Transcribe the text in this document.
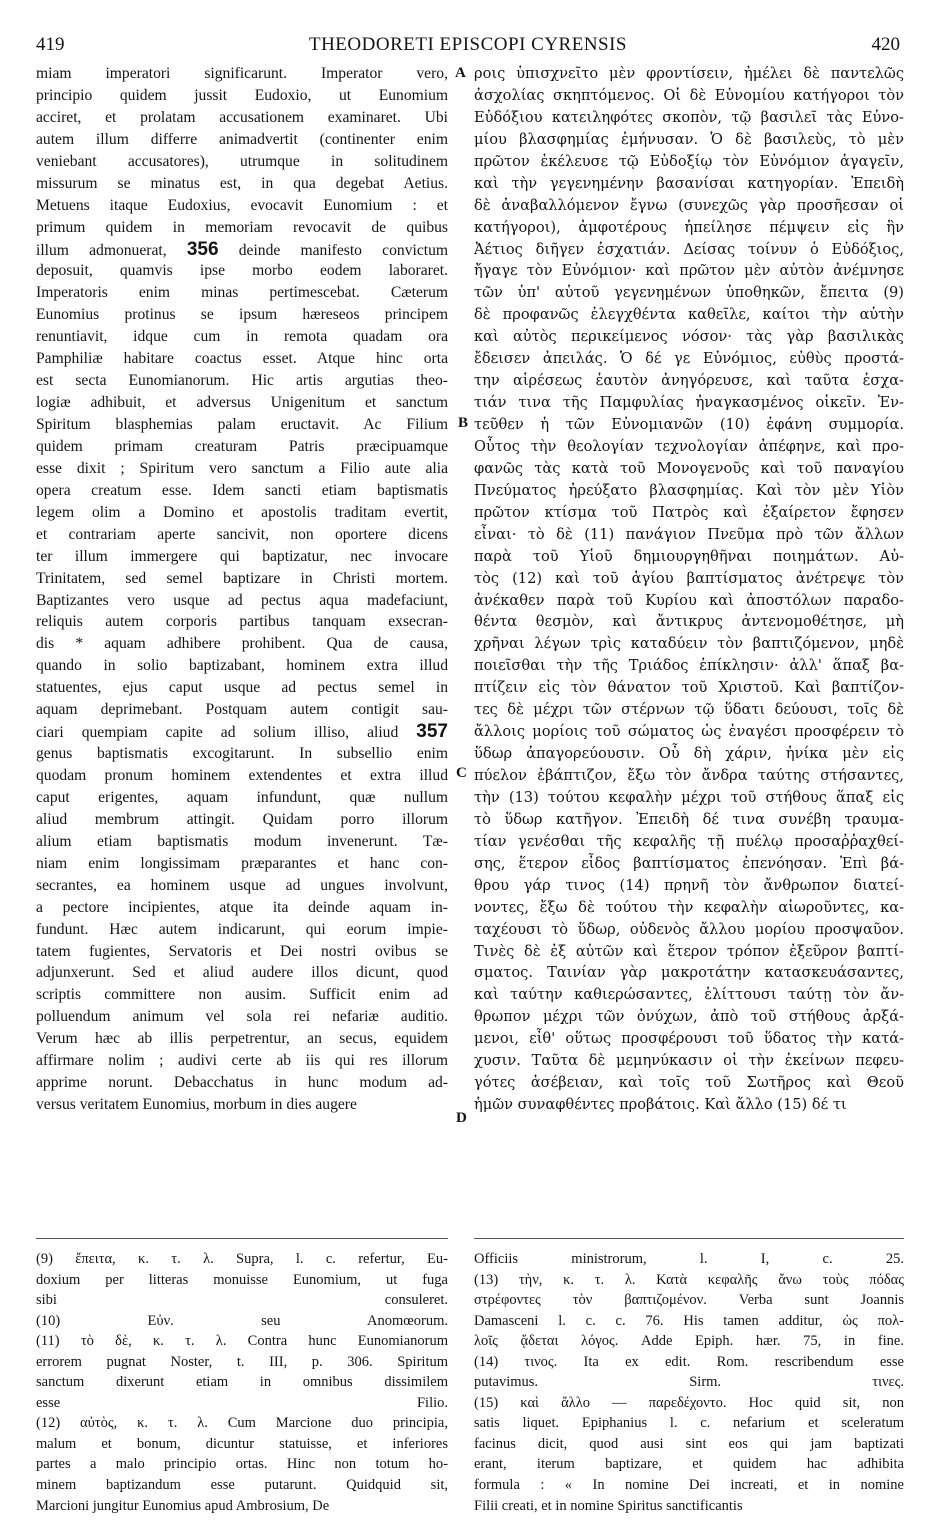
419	THEODORETI EPISCOPI CYRENSIS	420
miam imperatori significarunt. Imperator vero,
principio quidem jussit Eudoxio, ut Eunomium
acciret, et prolatam accusationem examinaret. Ubi
autem illum differre animadvertit (continenter enim
veniebant accusatores), utrumque in solitudinem
missurum se minatus est, in qua degebat Aetius.
Metuens itaque Eudoxius, evocavit Eunomium : et
primum quidem in memoriam revocavit de quibus
illum admonuerat, 356 deinde manifesto convictum
deposuit, quamvis ipse morbo eodem laboraret.
Imperatoris enim minas pertimescebat. Cæterum
Eunomius protinus se ipsum hæreseos principem
renuntiavit, idque cum in remota quadam ora
Pamphiliæ habitare coactus esset. Atque hinc orta
est secta Eunomianorum. Hic artis argutias theo-
logiæ adhibuit, et adversus Unigenitum et sanctum
Spiritum blasphemias palam eructavit. Ac Filium
quidem primam creaturam Patris præcipuamque
esse dixit ; Spiritum vero sanctum a Filio aute alia
opera creatum esse. Idem sancti etiam baptismatis
legem olim a Domino et apostolis traditam evertit,
et contrariam aperte sancivit, non oportere dicens
ter illum immergere qui baptizatur, nec invocare
Trinitatem, sed semel baptizare in Christi mortem.
Baptizantes vero usque ad pectus aqua madefaciunt,
reliquis autem corporis partibus tanquam exsecran-
dis * aquam adhibere prohibent. Qua de causa,
quando in solio baptizabant, hominem extra illud
statuentes, ejus caput usque ad pectus semel in
aquam deprimebant. Postquam autem contigit sau-
ciari quempiam capite ad solium illiso, aliud 357
genus baptismatis excogitarunt. In subsellio enim
quodam pronum hominem extendentes et extra illud
caput erigentes, aquam infundunt, quæ nullum
aliud membrum attingit. Quidam porro illorum
alium etiam baptismatis modum invenerunt. Tæ-
niam enim longissimam præparantes et hanc con-
secrantes, ea hominem usque ad ungues involvunt,
a pectore incipientes, atque ita deinde aquam in-
fundunt. Hæc autem indicarunt, qui eorum impie-
tatem fugientes, Servatoris et Dei nostri ovibus se
adjunxerunt. Sed et aliud audere illos dicunt, quod
scriptis committere non ausim. Sufficit enim ad
polluendum animum vel sola rei nefariæ auditio.
Verum hæc ab illis perpetrentur, an secus, equidem
affirmare nolim ; audivi certe ab iis qui res illorum
apprime norunt. Debacchatus in hunc modum ad-
versus veritatem Eunomius, morbum in dies augere
ροις ὑπισχνεῖτο μὲν φροντίσειν, ἠμέλει δὲ παντελῶς
ἀσχολίας σκηπτόμενος. Οἱ δὲ Εὐνομίου κατήγοροι τὸν
Εὐδόξιου κατειληφότες σκοπὸν, τῷ βασιλεῖ τὰς Εὐνο-
μίου βλασφημίας ἐμήνυσαν. Ὁ δὲ βασιλεὺς, τὸ μὲν
πρῶτον ἐκέλευσε τῷ Εὐδοξίῳ τὸν Εὐνόμιον ἀγαγεῖν,
καὶ τὴν γεγενημένην βασανίσαι κατηγορίαν. Ἐπειδὴ
δὲ ἀναβαλλόμενον ἔγνω (συνεχῶς γὰρ προσῆεσαν οἱ
κατήγοροι), ἀμφοτέρους ἠπείλησε πέμψειν εἰς ἣν
Ἀέτιος διῆγεν ἐσχατιάν. Δείσας τοίνυν ὁ Εὐδόξιος,
ἤγαγε τὸν Εὐνόμιον· καὶ πρῶτον μὲν αὐτὸν ἀνέμνησε
τῶν ὑπ' αὐτοῦ γεγενημένων ὑποθηκῶν, ἔπειτα (9)
δὲ προφανῶς ἐλεγχθέντα καθεῖλε, καίτοι τὴν αὐτὴν
καὶ αὐτὸς περικείμενος νόσον· τὰς γὰρ βασιλικὰς
ἔδεισεν ἀπειλάς. Ὁ δέ γε Εὐνόμιος, εὐθὺς προστά-
την αἱρέσεως ἑαυτὸν ἀνηγόρευσε, καὶ ταῦτα ἐσχα-
τιάν τινα τῆς Παμφυλίας ἠναγκασμένος οἰκεῖν. Ἐν-
τεῦθεν ἡ τῶν Εὐνομιανῶν (10) ἐφάνη συμμορία.
Οὗτος τὴν θεολογίαν τεχνολογίαν ἀπέφηνε, καὶ προ-
φανῶς τὰς κατὰ τοῦ Μονογενοῦς καὶ τοῦ παναγίου
Πνεύματος ἠρεύξατο βλασφημίας. Καὶ τὸν μὲν Υἱὸν
πρῶτον κτίσμα τοῦ Πατρὸς καὶ ἐξαίρετον ἔφησεν
εἶναι· τὸ δὲ (11) πανάγιον Πνεῦμα πρὸ τῶν ἄλλων
παρὰ τοῦ Υἱοῦ δημιουργηθῆναι ποιημάτων. Αὐ-
τὸς (12) καὶ τοῦ ἁγίου βαπτίσματος ἀνέτρεψε τὸν
ἀνέκαθεν παρὰ τοῦ Κυρίου καὶ ἀποστόλων παραδο-
θέντα θεσμὸν, καὶ ἄντικρυς ἀντενομοθέτησε, μὴ
χρῆναι λέγων τρὶς καταδύειν τὸν βαπτιζόμενον, μηδὲ
ποιεῖσθαι τὴν τῆς Τριάδος ἐπίκλησιν· ἀλλ' ἅπαξ βα-
πτίζειν εἰς τὸν θάνατον τοῦ Χριστοῦ. Καὶ βαπτίζον-
τες δὲ μέχρι τῶν στέρνων τῷ ὕδατι δεύουσι, τοῖς δὲ
ἄλλοις μορίοις τοῦ σώματος ὡς ἐναγέσι προσφέρειν τὸ
ὕδωρ ἀπαγορεύουσιν. Οὗ δὴ χάριν, ἡνίκα μὲν εἰς
πύελον ἐβάπτιζον, ἔξω τὸν ἄνδρα ταύτης στήσαντες,
τὴν (13) τούτου κεφαλὴν μέχρι τοῦ στήθους ἅπαξ εἰς
τὸ ὕδωρ κατῆγον. Ἐπειδὴ δέ τινα συνέβη τραυμα-
τίαν γενέσθαι τῆς κεφαλῆς τῇ πυέλῳ προσαῤῥαχθεί-
σης, ἕτερον εἶδος βαπτίσματος ἐπενόησαν. Ἐπὶ βά-
θρου γάρ τινος (14) πρηνῆ τὸν ἄνθρωπον διατεί-
νοντες, ἔξω δὲ τούτου τὴν κεφαλὴν αἰωροῦντες, κα-
ταχέουσι τὸ ὕδωρ, οὐδενὸς ἄλλου μορίου προσψαῦον.
Τινὲς δὲ ἐξ αὐτῶν καὶ ἕτερον τρόπον ἐξεῦρον βαπτί-
σματος. Ταινίαν γὰρ μακροτάτην κατασκευάσαντες,
καὶ ταύτην καθιερώσαντες, ἑλίττουσι ταύτῃ τὸν ἄν-
θρωπον μέχρι τῶν ὀνύχων, ἀπὸ τοῦ στήθους ἀρξά-
μενοι, εἶθ' οὕτως προσφέρουσι τοῦ ὕδατος τὴν κατά-
χυσιν. Ταῦτα δὲ μεμηνύκασιν οἱ τὴν ἐκείνων πεφευ-
γότες ἀσέβειαν, καὶ τοῖς τοῦ Σωτῆρος καὶ Θεοῦ
ἡμῶν συναφθέντες προβάτοις. Καὶ ἄλλο (15) δέ τι
A
B
C
D
(9) ἔπειτα, κ. τ. λ. Supra, l. c. refertur, Eu-
doxium per litteras monuisse Eunomium, ut fuga
sibi consuleret.
(10) Εὐν. seu Anomœorum.
(11) τὸ δὲ, κ. τ. λ. Contra hunc Eunomianorum
errorem pugnat Noster, t. III, p. 306. Spiritum
sanctum dixerunt etiam in omnibus dissimilem
esse Filio.
(12) αὐτὸς, κ. τ. λ. Cum Marcione duo principia,
malum et bonum, dicuntur statuisse, et inferiores
partes a malo principio ortas. Hinc non totum ho-
minem baptizandum esse putarunt. Quidquid sit,
Marcioni jungitur Eunomius apud Ambrosium, De
Officiis ministrorum, l. I, c. 25.
(13) τὴν, κ. τ. λ. Κατὰ κεφαλῆς ἄνω τοὺς πόδας
στρέφοντες τὸν βαπτιζομένον. Verba sunt Joannis
Damasceni l. c. c. 76. His tamen additur, ὡς πολ-
λοῖς ᾄδεται λόγος. Adde Epiph. hær. 75, in fine.
(14) τινος. Ita ex edit. Rom. rescribendum esse
putavimus. Sirm. τινες.
(15) καὶ ἄλλο — παρεδέχοντο. Hoc quid sit, non
satis liquet. Epiphanius l. c. nefarium et sceleratum
facinus dicit, quod ausi sint eos qui jam baptizati
erant, iterum baptizare, et quidem hac adhibita
formula : « In nomine Dei increati, et in nomine
Filii creati, et in nomine Spiritus sanctificantis
